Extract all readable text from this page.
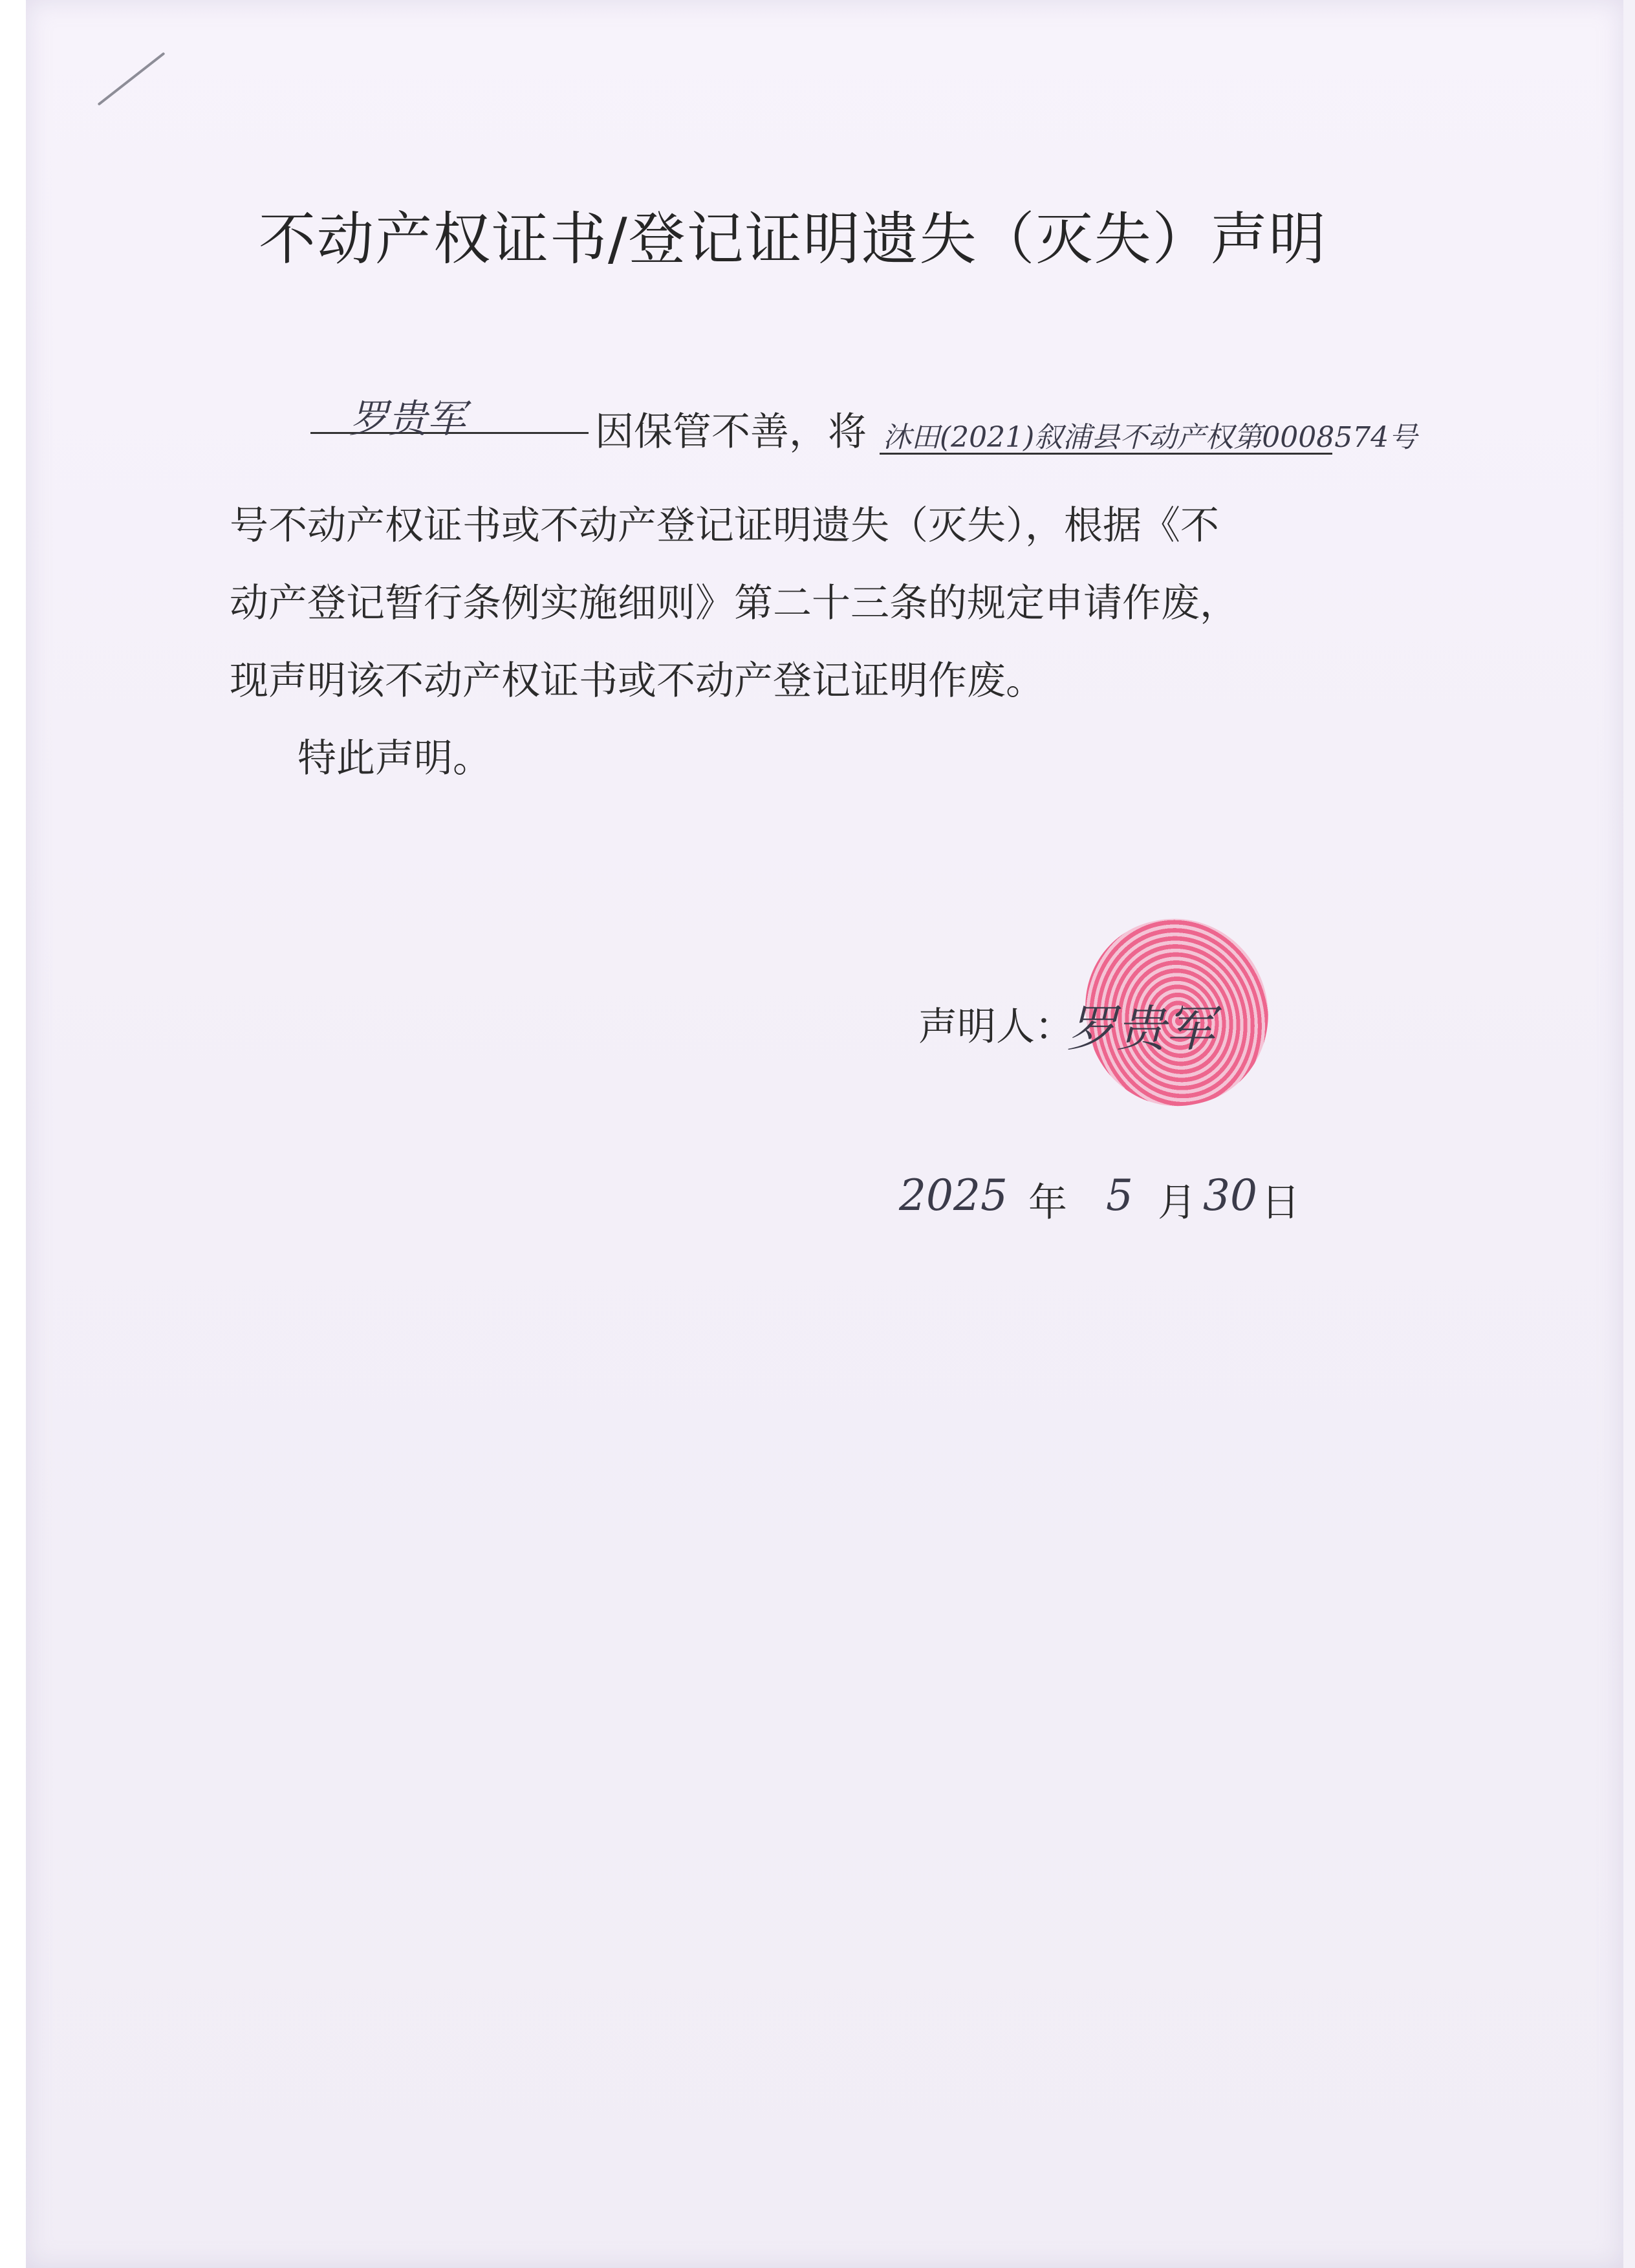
不动产权证书/登记证明遗失（灭失）声明
罗贵军	因保管不善，将 沐田(2021)叙浦县不动产权第0008574号
号不动产权证书或不动产登记证明遗失（灭失），根据《不
动产登记暂行条例实施细则》第二十三条的规定申请作废，
现声明该不动产权证书或不动产登记证明作废。
特此声明。
声明人：
罗贵军
2025 年 5 月 30 日
